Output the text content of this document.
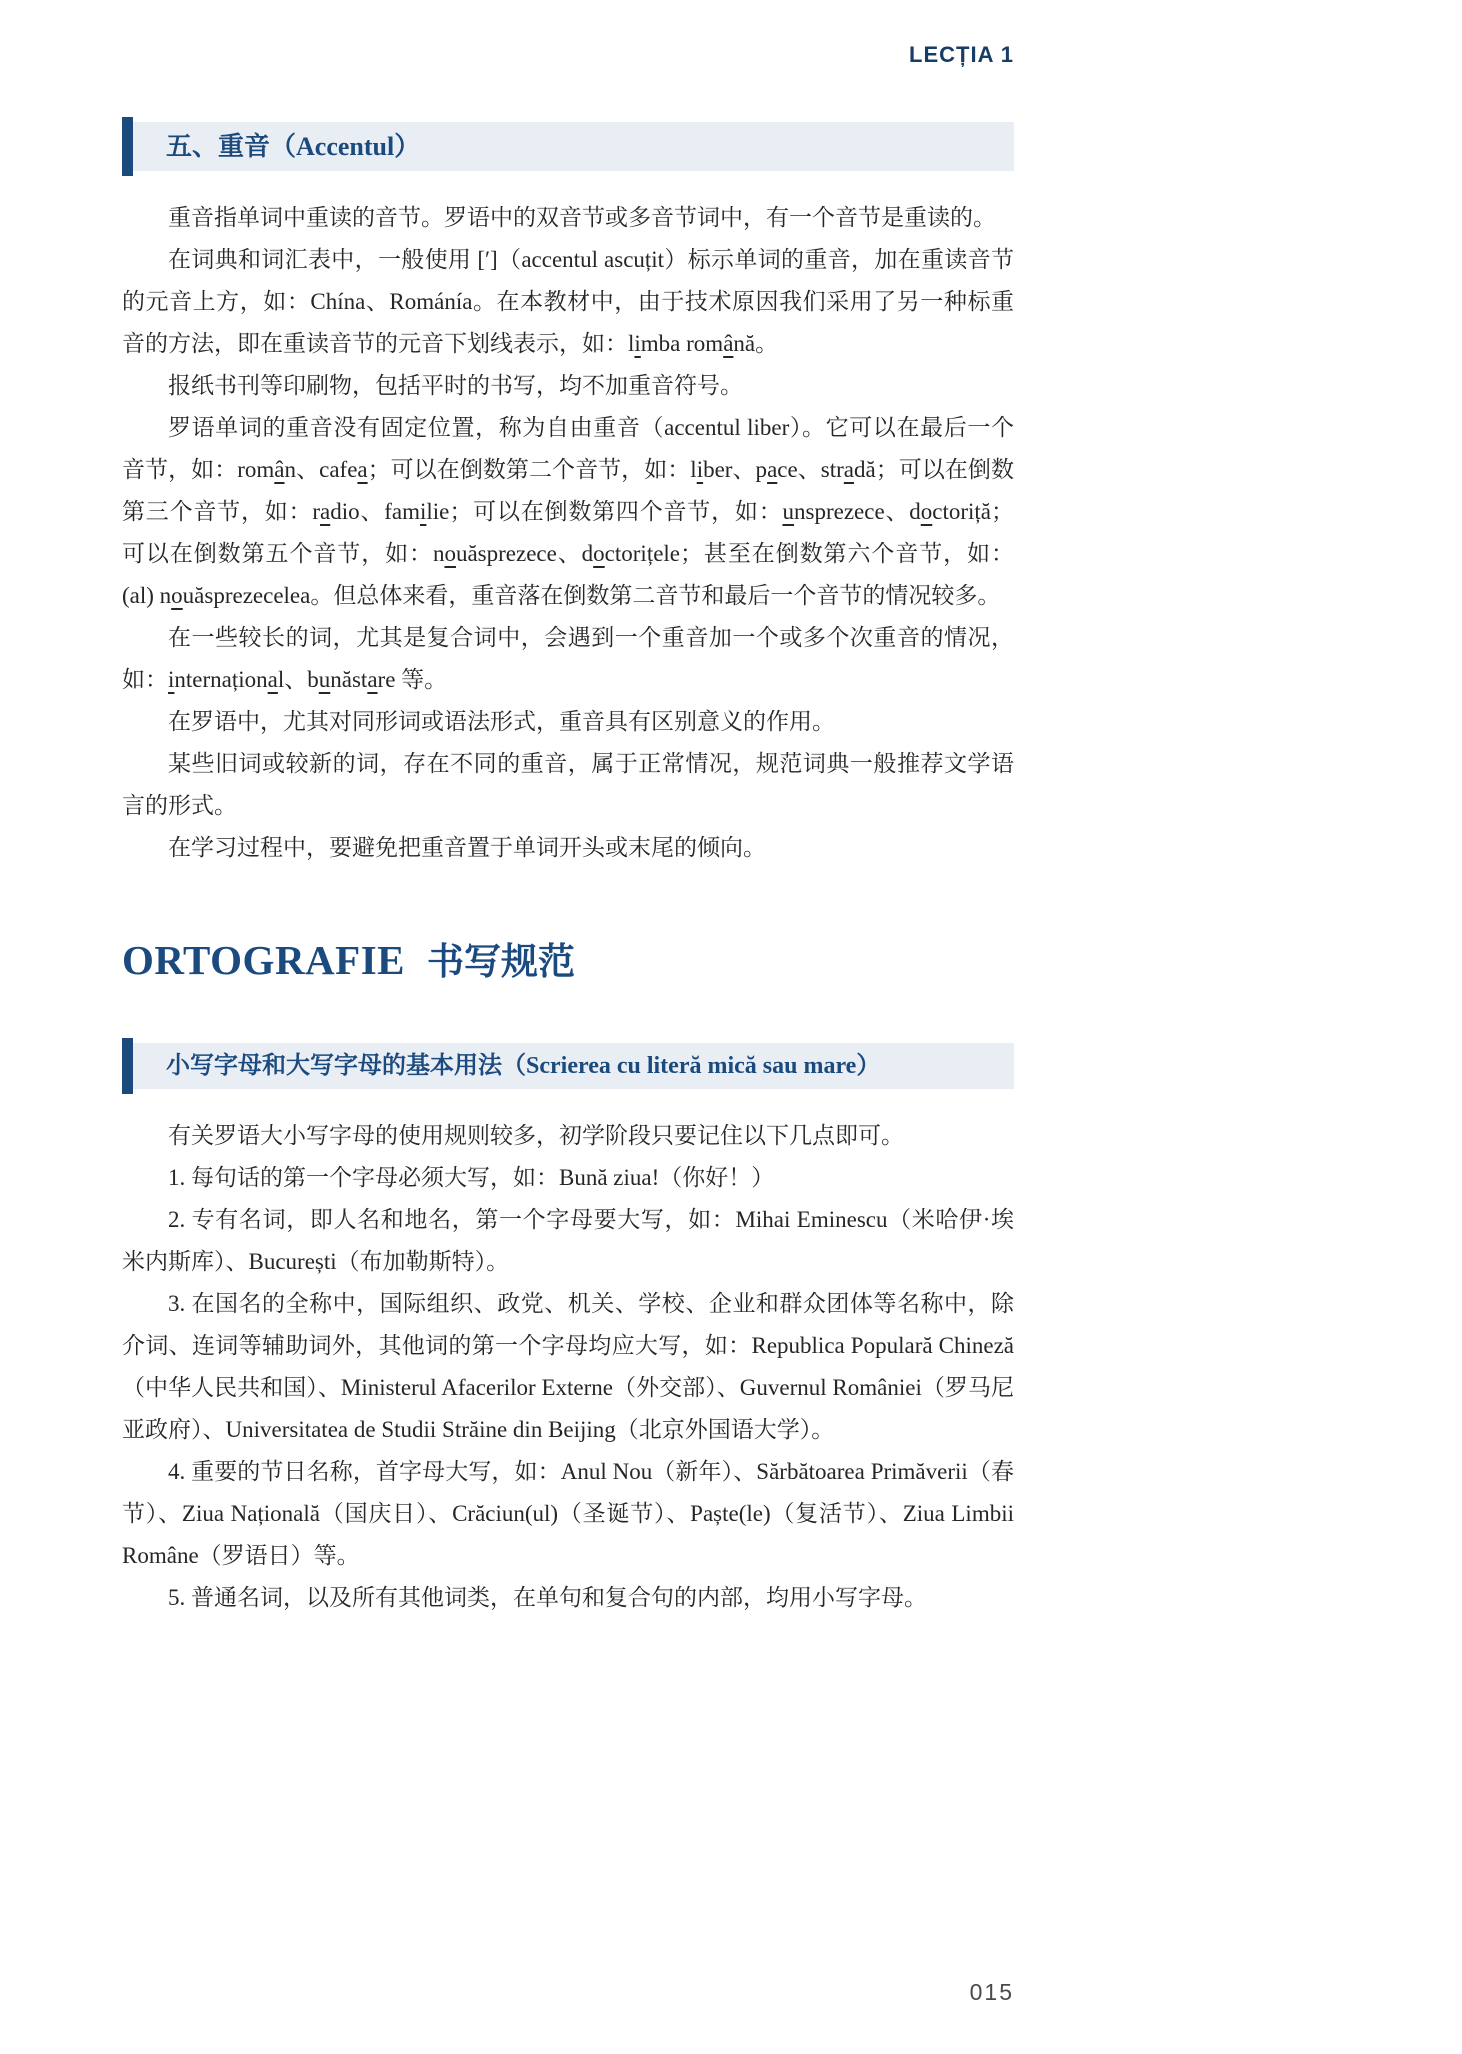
LECȚIA 1
五、重音（Accentul）

重音指单词中重读的音节。罗语中的双音节或多音节词中，有一个音节是重读的。

在词典和词汇表中，一般使用 [′]（accentul ascuțit）标示单词的重音，加在重读音节的元音上方，如：Chína、Románía。在本教材中，由于技术原因我们采用了另一种标重音的方法，即在重读音节的元音下划线表示，如：limba română。

报纸书刊等印刷物，包括平时的书写，均不加重音符号。

罗语单词的重音没有固定位置，称为自由重音（accentul liber）。它可以在最后一个音节，如：român、cafea；可以在倒数第二个音节，如：liber、pace、stradă；可以在倒数第三个音节，如：radio、familie；可以在倒数第四个音节，如：unsprezece、doctoriță；可以在倒数第五个音节，如：nouăsprezece、doctorițele；甚至在倒数第六个音节，如：(al) nouăsprezecelea。但总体来看，重音落在倒数第二音节和最后一个音节的情况较多。

在一些较长的词，尤其是复合词中，会遇到一个重音加一个或多个次重音的情况，如：internațional、bunăstare 等。

在罗语中，尤其对同形词或语法形式，重音具有区别意义的作用。

某些旧词或较新的词，存在不同的重音，属于正常情况，规范词典一般推荐文学语言的形式。

在学习过程中，要避免把重音置于单词开头或末尾的倾向。

ORTOGRAFIE 书写规范
小写字母和大写字母的基本用法（Scrierea cu literă mică sau mare）

有关罗语大小写字母的使用规则较多，初学阶段只要记住以下几点即可。

1. 每句话的第一个字母必须大写，如：Bună ziua!（你好！）

2. 专有名词，即人名和地名，第一个字母要大写，如：Mihai Eminescu（米哈伊·埃米内斯库）、București（布加勒斯特）。

3. 在国名的全称中，国际组织、政党、机关、学校、企业和群众团体等名称中，除介词、连词等辅助词外，其他词的第一个字母均应大写，如：Republica Populară Chineză（中华人民共和国）、Ministerul Afacerilor Externe（外交部）、Guvernul României（罗马尼亚政府）、Universitatea de Studii Străine din Beijing（北京外国语大学）。

4. 重要的节日名称，首字母大写，如：Anul Nou（新年）、Sărbătoarea Primăverii（春节）、Ziua Națională（国庆日）、Crăciun(ul)（圣诞节）、Paște(le)（复活节）、Ziua Limbii Române（罗语日）等。

5. 普通名词，以及所有其他词类，在单句和复合句的内部，均用小写字母。

015
